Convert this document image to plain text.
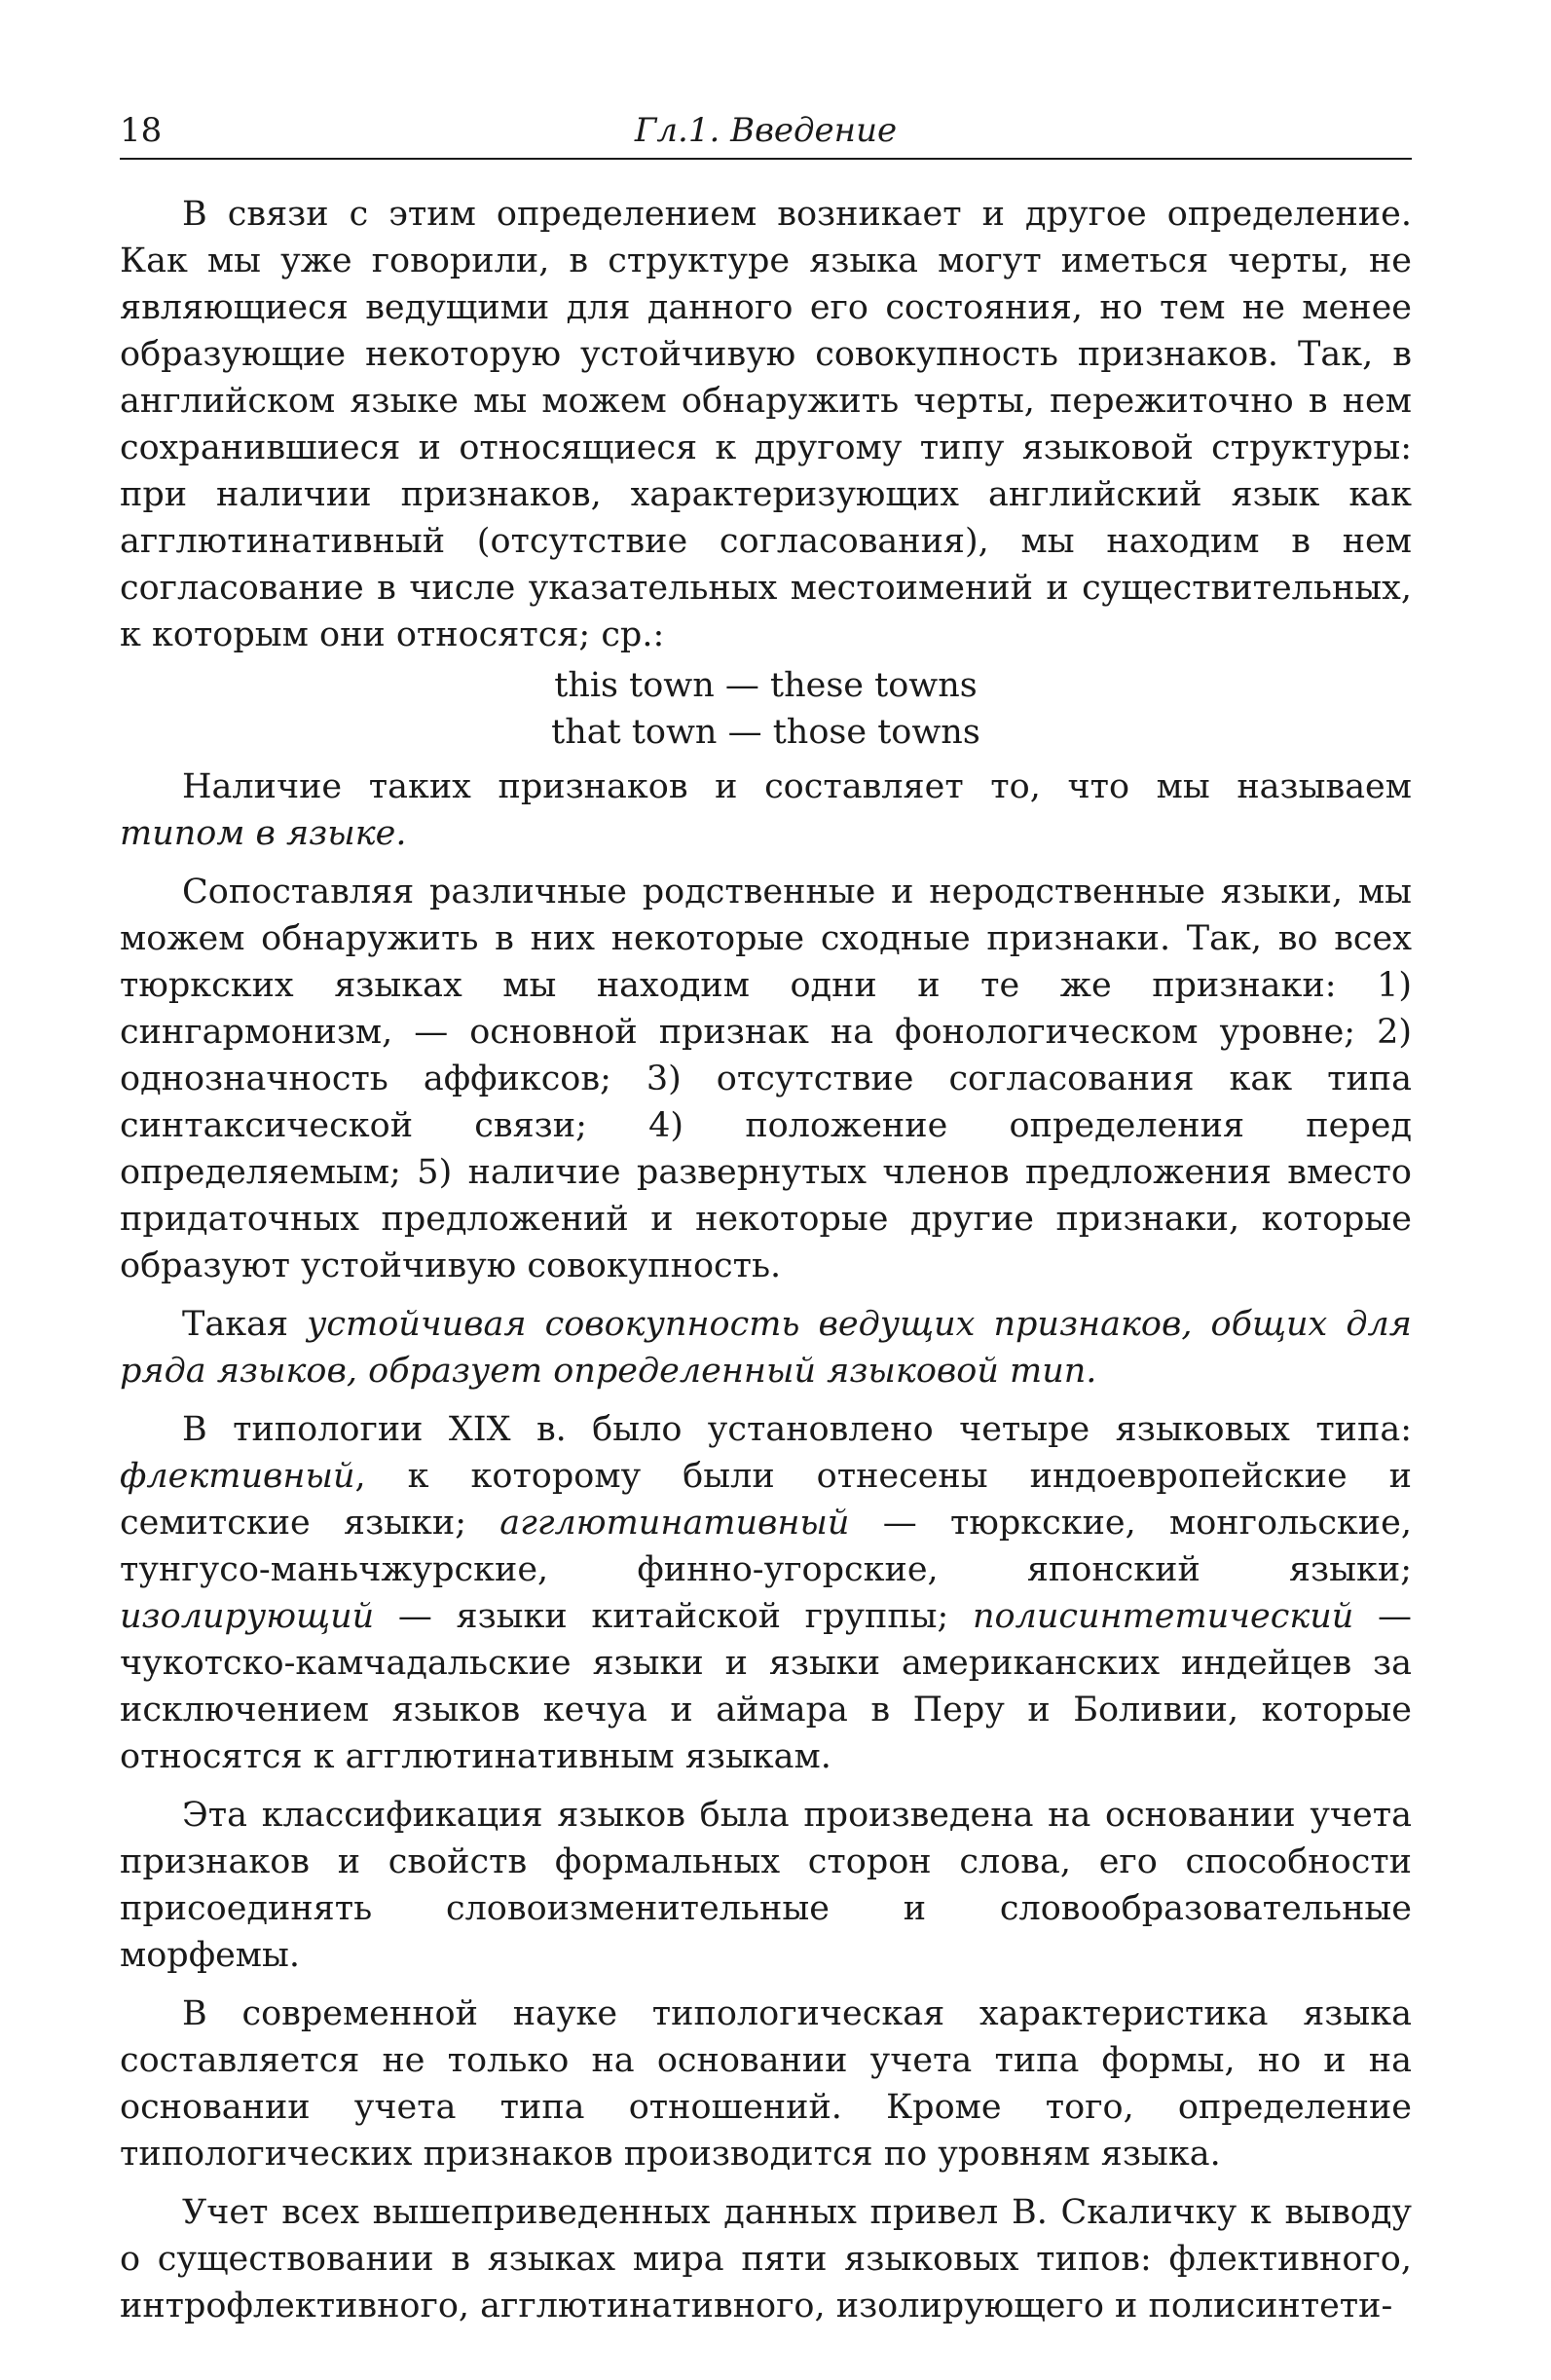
18	Гл.1. Введение

В связи с этим определением возникает и другое определение. Как мы уже говорили, в структуре языка могут иметься черты, не являющиеся ведущими для данного его состояния, но тем не менее образующие некоторую устойчивую совокупность признаков. Так, в английском языке мы можем обнаружить черты, пережиточно в нем сохранившиеся и относящиеся к другому типу языковой структуры: при наличии признаков, характеризующих английский язык как агглютинативный (отсутствие согласования), мы находим в нем согласование в числе указательных местоимений и существительных, к которым они относятся; ср.:

this town — these towns
that town — those towns

Наличие таких признаков и составляет то, что мы называем типом в языке.

Сопоставляя различные родственные и неродственные языки, мы можем обнаружить в них некоторые сходные признаки. Так, во всех тюркских языках мы находим одни и те же признаки: 1) сингармонизм, — основной признак на фонологическом уровне; 2) однозначность аффиксов; 3) отсутствие согласования как типа синтаксической связи; 4) положение определения перед определяемым; 5) наличие развернутых членов предложения вместо придаточных предложений и некоторые другие признаки, которые образуют устойчивую совокупность.

Такая устойчивая совокупность ведущих признаков, общих для ряда языков, образует определенный языковой тип.

В типологии XIX в. было установлено четыре языковых типа: флективный, к которому были отнесены индоевропейские и семитские языки; агглютинативный — тюркские, монгольские, тунгусо-маньчжурские, финно-угорские, японский языки; изолирующий — языки китайской группы; полисинтетический — чукотско-камчадальские языки и языки американских индейцев за исключением языков кечуа и аймара в Перу и Боливии, которые относятся к агглютинативным языкам.

Эта классификация языков была произведена на основании учета признаков и свойств формальных сторон слова, его способности присоединять словоизменительные и словообразовательные морфемы.

В современной науке типологическая характеристика языка составляется не только на основании учета типа формы, но и на основании учета типа отношений. Кроме того, определение типологических признаков производится по уровням языка.

Учет всех вышеприведенных данных привел В. Скаличку к выводу о существовании в языках мира пяти языковых типов: флективного, интрофлективного, агглютинативного, изолирующего и полисинтети-
